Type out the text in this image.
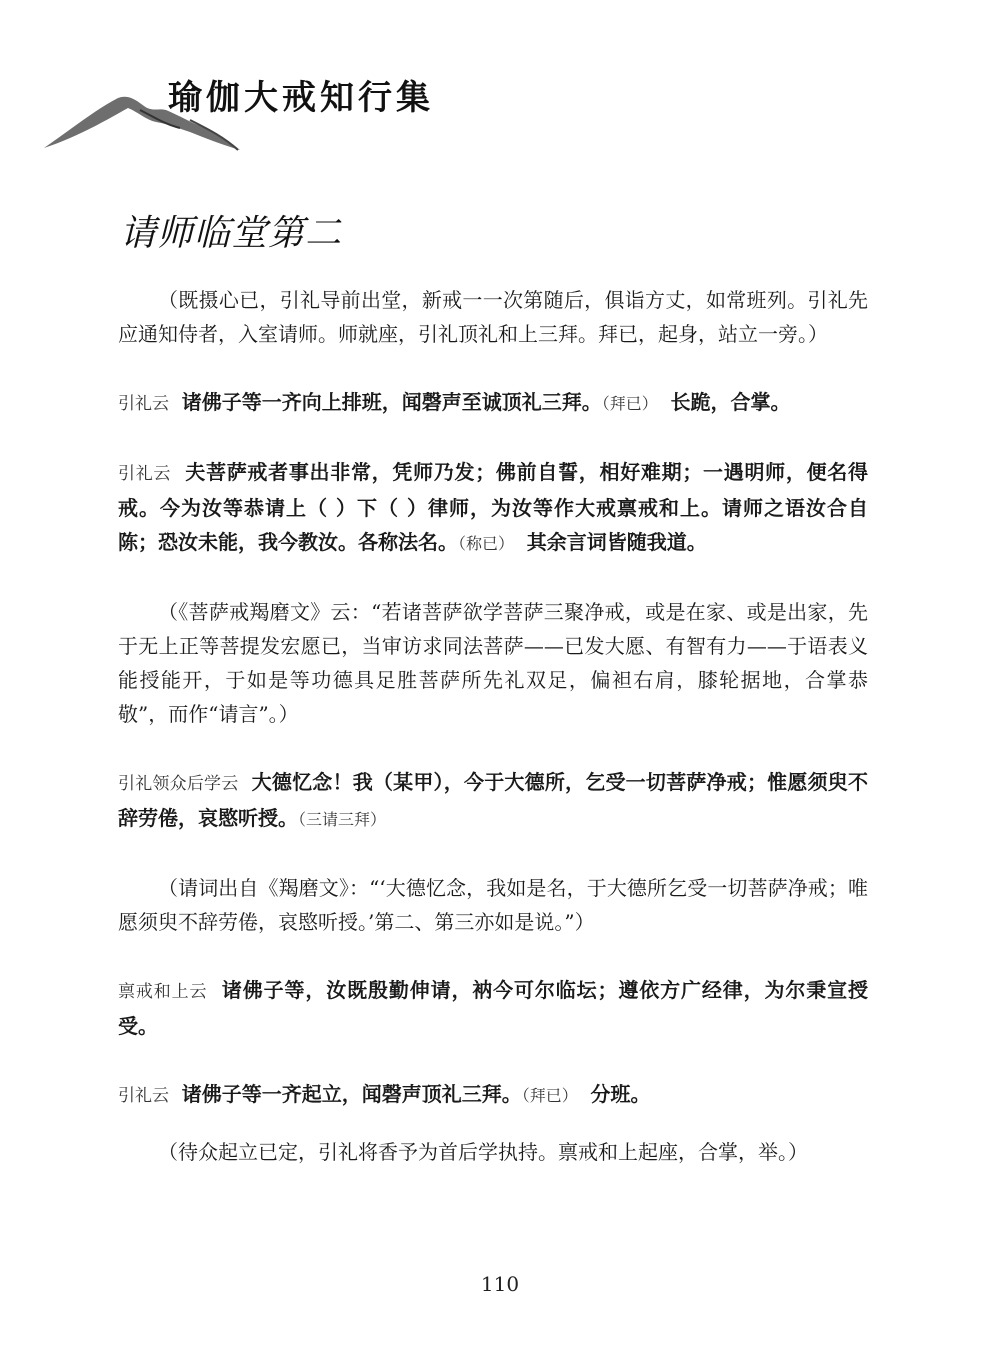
瑜伽大戒知行集
请师临堂第二

（既摄心已，引礼导前出堂，新戒一一次第随后，俱诣方丈，如常班列。引礼先应通知侍者，入室请师。师就座，引礼顶礼和上三拜。拜已，起身，站立一旁。）

引礼云 诸佛子等一齐向上排班，闻磬声至诚顶礼三拜。（拜已） 长跪，合掌。

引礼云 夫菩萨戒者事出非常，凭师乃发；佛前自誓，相好难期；一遇明师，便名得戒。今为汝等恭请上（ ）下（ ）律师，为汝等作大戒禀戒和上。请师之语汝合自陈；恐汝未能，我今教汝。各称法名。（称已） 其余言词皆随我道。

（《菩萨戒羯磨文》云：“若诸菩萨欲学菩萨三聚净戒，或是在家、或是出家，先于无上正等菩提发宏愿已，当审访求同法菩萨——已发大愿、有智有力——于语表义能授能开，于如是等功德具足胜菩萨所先礼双足，偏袒右肩，膝轮据地，合掌恭敬”，而作“请言”。）

引礼领众后学云 大德忆念！我（某甲），今于大德所，乞受一切菩萨净戒；惟愿须臾不辞劳倦，哀愍听授。（三请三拜）

（请词出自《羯磨文》：“‘大德忆念，我如是名，于大德所乞受一切菩萨净戒；唯愿须臾不辞劳倦，哀愍听授。’第二、第三亦如是说。”）

禀戒和上云 诸佛子等，汝既殷勤伸请，衲今可尔临坛；遵依方广经律，为尔秉宣授受。

引礼云 诸佛子等一齐起立，闻磬声顶礼三拜。（拜已） 分班。

（待众起立已定，引礼将香予为首后学执持。禀戒和上起座，合掌，举。）

110
